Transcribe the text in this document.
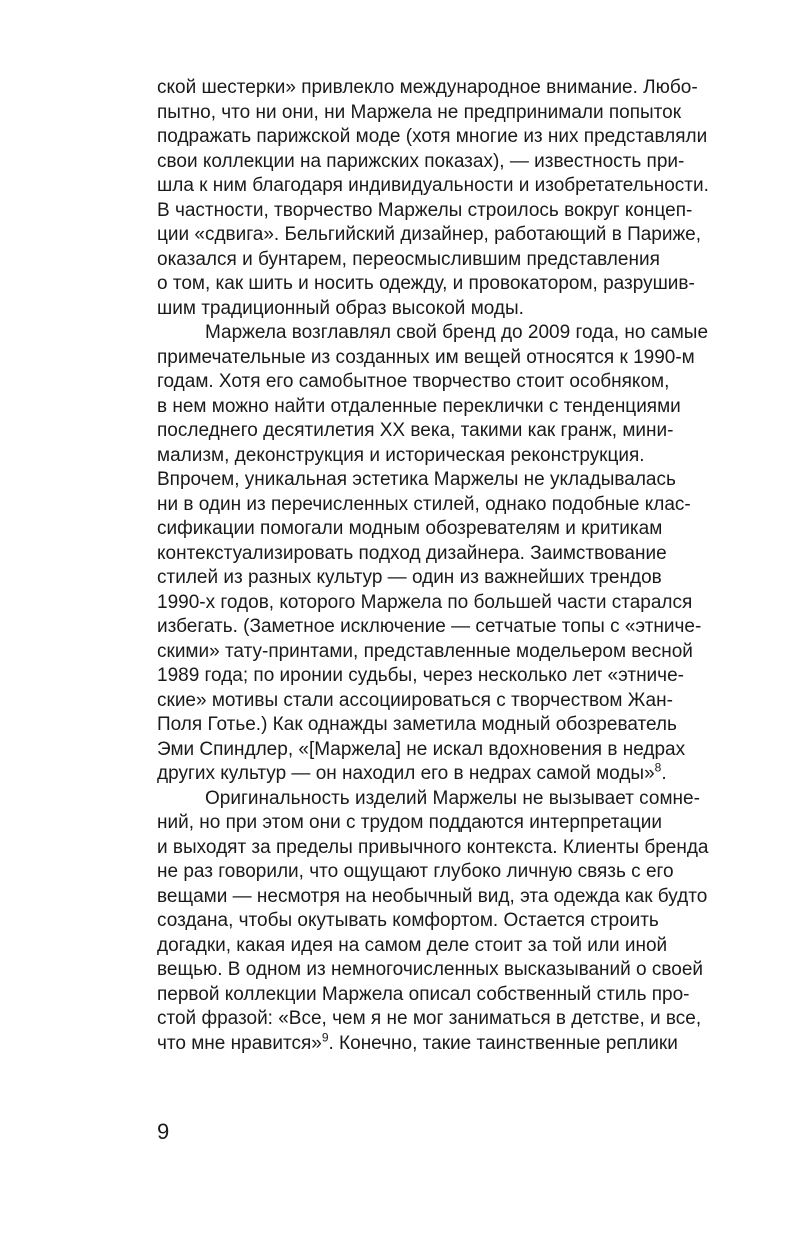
ской шестерки» привлекло международное внимание. Любо-
пытно, что ни они, ни Маржела не предпринимали попыток
подражать парижской моде (хотя многие из них представляли
свои коллекции на парижских показах), — известность при-
шла к ним благодаря индивидуальности и изобретательности.
В частности, творчество Маржелы строилось вокруг концеп-
ции «сдвига». Бельгийский дизайнер, работающий в Париже,
оказался и бунтарем, переосмыслившим представления
о том, как шить и носить одежду, и провокатором, разрушив-
шим традиционный образ высокой моды.
Маржела возглавлял свой бренд до 2009 года, но самые
примечательные из созданных им вещей относятся к 1990-м
годам. Хотя его самобытное творчество стоит особняком,
в нем можно найти отдаленные переклички с тенденциями
последнего десятилетия XX века, такими как гранж, мини-
мализм, деконструкция и историческая реконструкция.
Впрочем, уникальная эстетика Маржелы не укладывалась
ни в один из перечисленных стилей, однако подобные клас-
сификации помогали модным обозревателям и критикам
контекстуализировать подход дизайнера. Заимствование
стилей из разных культур — один из важнейших трендов
1990-х годов, которого Маржела по большей части старался
избегать. (Заметное исключение — сетчатые топы с «этниче-
скими» тату-принтами, представленные модельером весной
1989 года; по иронии судьбы, через несколько лет «этниче-
ские» мотивы стали ассоциироваться с творчеством Жан-
Поля Готье.) Как однажды заметила модный обозреватель
Эми Спиндлер, «[Маржела] не искал вдохновения в недрах
других культур — он находил его в недрах самой моды»$^8$.
Оригинальность изделий Маржелы не вызывает сомне-
ний, но при этом они с трудом поддаются интерпретации
и выходят за пределы привычного контекста. Клиенты бренда
не раз говорили, что ощущают глубоко личную связь с его
вещами — несмотря на необычный вид, эта одежда как будто
создана, чтобы окутывать комфортом. Остается строить
догадки, какая идея на самом деле стоит за той или иной
вещью. В одном из немногочисленных высказываний о своей
первой коллекции Маржела описал собственный стиль про-
стой фразой: «Все, чем я не мог заниматься в детстве, и все,
что мне нравится»$^9$. Конечно, такие таинственные реплики
9
